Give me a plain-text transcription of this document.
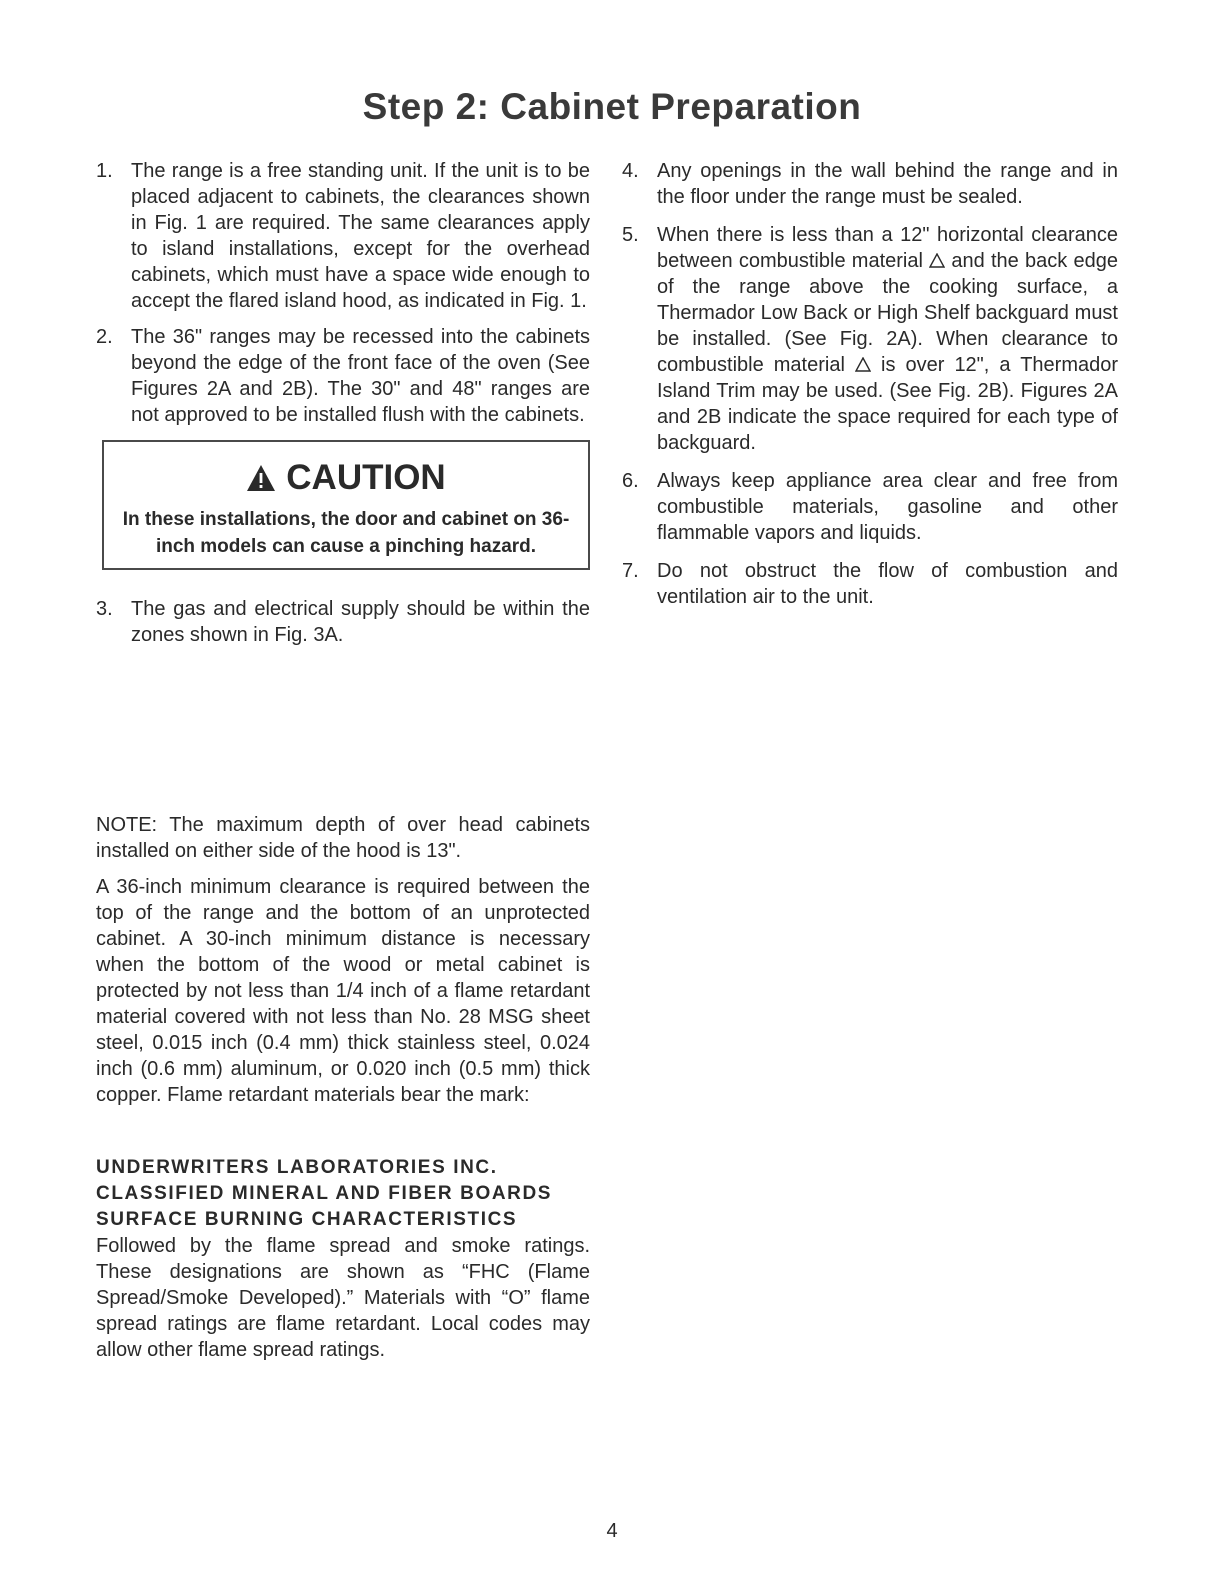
Step 2: Cabinet Preparation

1. The range is a free standing unit. If the unit is to be placed adjacent to cabinets, the clearances shown in Fig. 1 are required. The same clearances apply to island installations, except for the overhead cabinets, which must have a space wide enough to accept the flared island hood, as indicated in Fig. 1.

2. The 36" ranges may be recessed into the cabinets beyond the edge of the front face of the oven (See Figures 2A and 2B). The 30" and 48" ranges are not approved to be installed flush with the cabinets.

CAUTION
In these installations, the door and cabinet on 36-inch models can cause a pinching hazard.

3. The gas and electrical supply should be within the zones shown in Fig. 3A.

4. Any openings in the wall behind the range and in the floor under the range must be sealed.

5. When there is less than a 12" horizontal clearance between combustible material  and the back edge of the range above the cooking surface, a Thermador Low Back or High Shelf backguard must be installed. (See Fig. 2A). When clearance to combustible material  is over 12", a Thermador Island Trim may be used. (See Fig. 2B). Figures 2A and 2B indicate the space required for each type of backguard.

6. Always keep appliance area clear and free from combustible materials, gasoline and other flammable vapors and liquids.

7. Do not obstruct the flow of combustion and ventilation air to the unit.

NOTE: The maximum depth of over head cabinets installed on either side of the hood is 13".

A 36-inch minimum clearance is required between the top of the range and the bottom of an unprotected cabinet. A 30-inch minimum distance is necessary when the bottom of the wood or metal cabinet is protected by not less than 1/4 inch of a flame retardant material covered with not less than No. 28 MSG sheet steel, 0.015 inch (0.4 mm) thick stainless steel, 0.024 inch (0.6 mm) aluminum, or 0.020 inch (0.5 mm) thick copper. Flame retardant materials bear the mark:

UNDERWRITERS LABORATORIES INC.

CLASSIFIED MINERAL AND FIBER BOARDS

SURFACE BURNING CHARACTERISTICS

Followed by the flame spread and smoke ratings. These designations are shown as “FHC (Flame Spread/Smoke Developed).” Materials with “O” flame spread ratings are flame retardant. Local codes may allow other flame spread ratings.

4
